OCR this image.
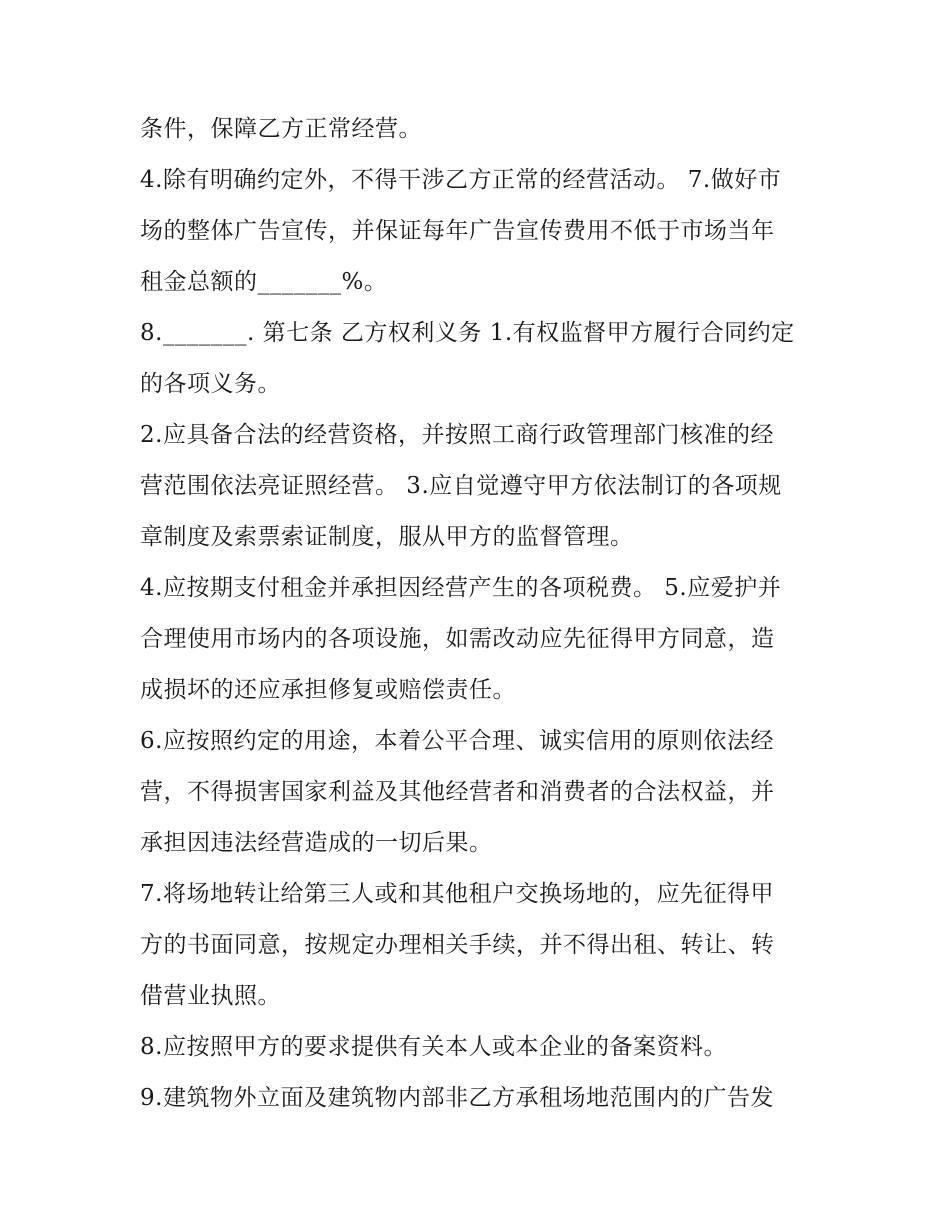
条件，保障乙方正常经营。
4.除有明确约定外，不得干涉乙方正常的经营活动。 7.做好市
场的整体广告宣传，并保证每年广告宣传费用不低于市场当年
租金总额的_______%。
8._______. 第七条 乙方权利义务 1.有权监督甲方履行合同约定
的各项义务。
2.应具备合法的经营资格，并按照工商行政管理部门核准的经
营范围依法亮证照经营。 3.应自觉遵守甲方依法制订的各项规
章制度及索票索证制度，服从甲方的监督管理。
4.应按期支付租金并承担因经营产生的各项税费。 5.应爱护并
合理使用市场内的各项设施，如需改动应先征得甲方同意，造
成损坏的还应承担修复或赔偿责任。
6.应按照约定的用途，本着公平合理、诚实信用的原则依法经
营，不得损害国家利益及其他经营者和消费者的合法权益，并
承担因违法经营造成的一切后果。
7.将场地转让给第三人或和其他租户交换场地的，应先征得甲
方的书面同意，按规定办理相关手续，并不得出租、转让、转
借营业执照。
8.应按照甲方的要求提供有关本人或本企业的备案资料。
9.建筑物外立面及建筑物内部非乙方承租场地范围内的广告发
